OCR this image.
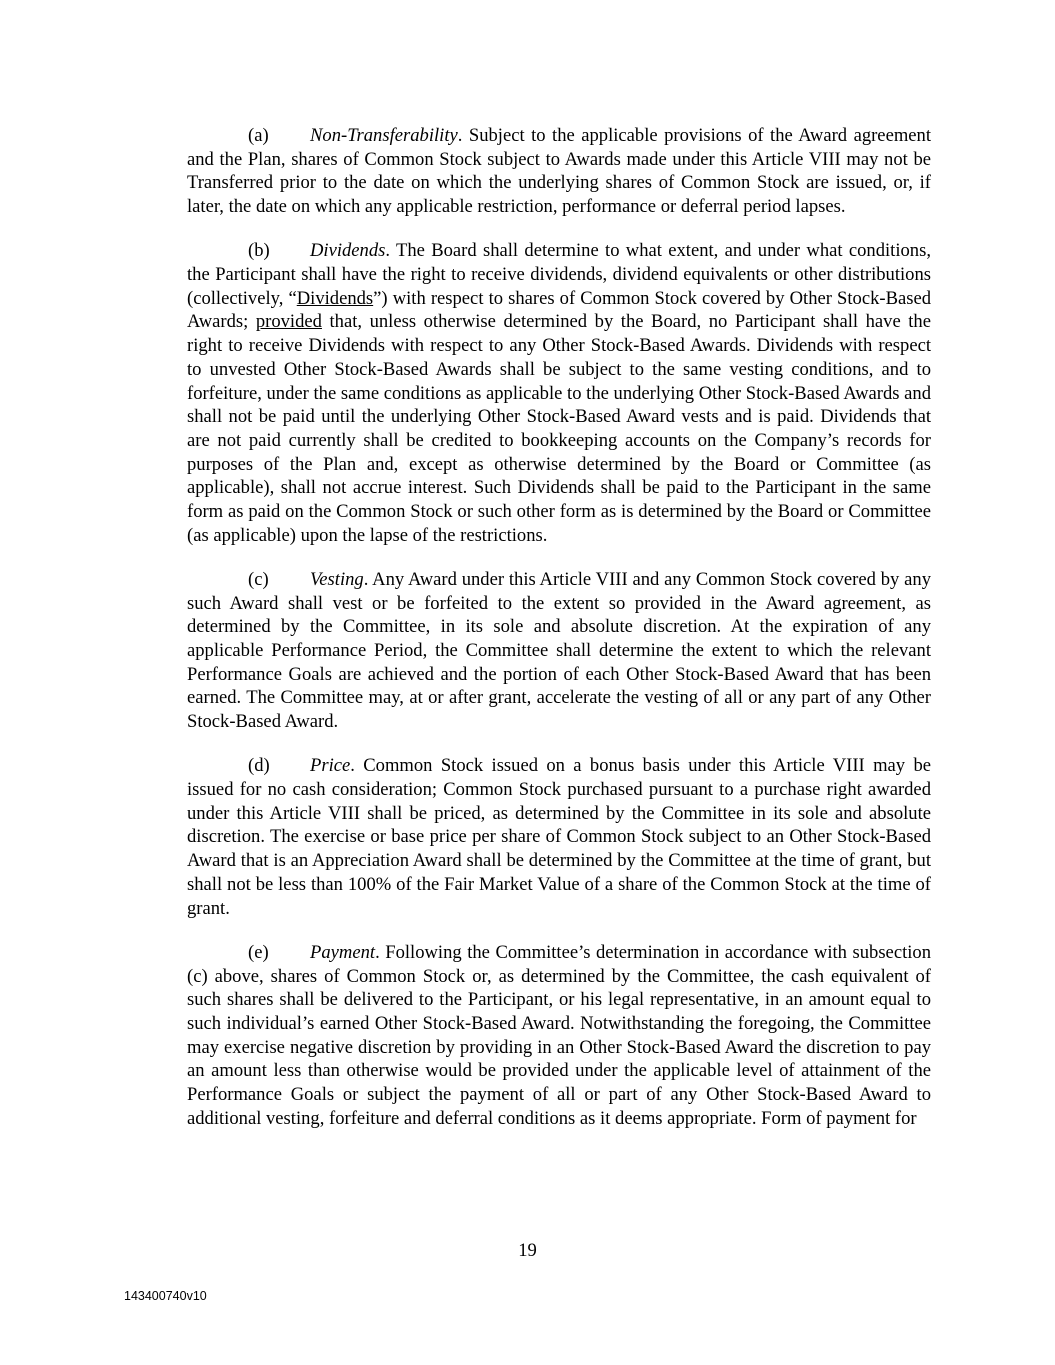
(a) Non-Transferability. Subject to the applicable provisions of the Award agreement and the Plan, shares of Common Stock subject to Awards made under this Article VIII may not be Transferred prior to the date on which the underlying shares of Common Stock are issued, or, if later, the date on which any applicable restriction, performance or deferral period lapses.

(b) Dividends. The Board shall determine to what extent, and under what conditions, the Participant shall have the right to receive dividends, dividend equivalents or other distributions (collectively, “Dividends”) with respect to shares of Common Stock covered by Other Stock-Based Awards; provided that, unless otherwise determined by the Board, no Participant shall have the right to receive Dividends with respect to any Other Stock-Based Awards. Dividends with respect to unvested Other Stock-Based Awards shall be subject to the same vesting conditions, and to forfeiture, under the same conditions as applicable to the underlying Other Stock-Based Awards and shall not be paid until the underlying Other Stock-Based Award vests and is paid. Dividends that are not paid currently shall be credited to bookkeeping accounts on the Company’s records for purposes of the Plan and, except as otherwise determined by the Board or Committee (as applicable), shall not accrue interest. Such Dividends shall be paid to the Participant in the same form as paid on the Common Stock or such other form as is determined by the Board or Committee (as applicable) upon the lapse of the restrictions.

(c) Vesting. Any Award under this Article VIII and any Common Stock covered by any such Award shall vest or be forfeited to the extent so provided in the Award agreement, as determined by the Committee, in its sole and absolute discretion. At the expiration of any applicable Performance Period, the Committee shall determine the extent to which the relevant Performance Goals are achieved and the portion of each Other Stock-Based Award that has been earned. The Committee may, at or after grant, accelerate the vesting of all or any part of any Other Stock-Based Award.

(d) Price. Common Stock issued on a bonus basis under this Article VIII may be issued for no cash consideration; Common Stock purchased pursuant to a purchase right awarded under this Article VIII shall be priced, as determined by the Committee in its sole and absolute discretion. The exercise or base price per share of Common Stock subject to an Other Stock-Based Award that is an Appreciation Award shall be determined by the Committee at the time of grant, but shall not be less than 100% of the Fair Market Value of a share of the Common Stock at the time of grant.

(e) Payment. Following the Committee’s determination in accordance with subsection (c) above, shares of Common Stock or, as determined by the Committee, the cash equivalent of such shares shall be delivered to the Participant, or his legal representative, in an amount equal to such individual’s earned Other Stock-Based Award. Notwithstanding the foregoing, the Committee may exercise negative discretion by providing in an Other Stock-Based Award the discretion to pay an amount less than otherwise would be provided under the applicable level of attainment of the Performance Goals or subject the payment of all or part of any Other Stock-Based Award to additional vesting, forfeiture and deferral conditions as it deems appropriate. Form of payment for

19
143400740v10
